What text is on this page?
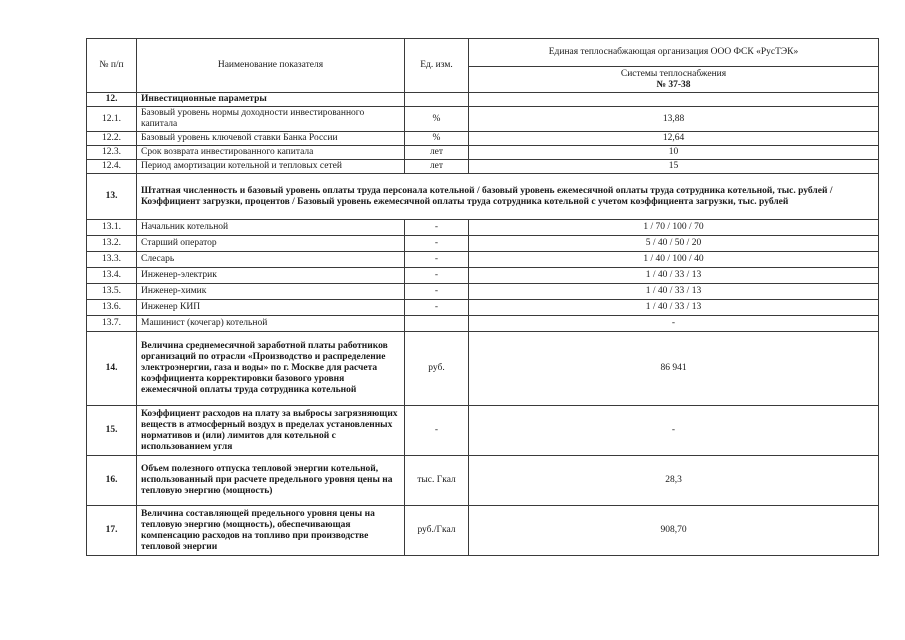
№ п/п	Наименование показателя	Ед. изм.	Единая теплоснабжающая организация ООО ФСК «РусТЭК»

			Системы теплоснабжения
№ 37-38

12.	Инвестиционные параметры		
12.1.	Базовый уровень нормы доходности инвестированного капитала	%	13,88
12.2.	Базовый уровень ключевой ставки Банка России	%	12,64
12.3.	Срок возврата инвестированного капитала	лет	10
12.4.	Период амортизации котельной и тепловых сетей	лет	15
13.	Штатная численность и базовый уровень оплаты труда персонала котельной / базовый уровень ежемесячной оплаты труда сотрудника котельной, тыс. рублей / Коэффициент загрузки, процентов / Базовый уровень ежемесячной оплаты труда сотрудника котельной с учетом коэффициента загрузки, тыс. рублей		
13.1.	Начальник котельной	-	1 / 70 / 100 / 70
13.2.	Старший оператор	-	5 / 40 / 50 / 20
13.3.	Слесарь	-	1 / 40 / 100 / 40
13.4.	Инженер-электрик	-	1 / 40 / 33 / 13
13.5.	Инженер-химик	-	1 / 40 / 33 / 13
13.6.	Инженер КИП	-	1 / 40 / 33 / 13
13.7.	Машинист (кочегар) котельной		-
14.	Величина среднемесячной заработной платы работников организаций по отрасли «Производство и распределение электроэнергии, газа и воды» по г. Москве для расчета коэффициента корректировки базового уровня ежемесячной оплаты труда сотрудника котельной	руб.	86 941
15.	Коэффициент расходов на плату за выбросы загрязняющих веществ в атмосферный воздух в пределах установленных нормативов и (или) лимитов для котельной с использованием угля	-	-
16.	Объем полезного отпуска тепловой энергии котельной, использованный при расчете предельного уровня цены на тепловую энергию (мощность)	тыс. Гкал	28,3
17.	Величина составляющей предельного уровня цены на тепловую энергию (мощность), обеспечивающая компенсацию расходов на топливо при производстве тепловой энергии	руб./Гкал	908,70
